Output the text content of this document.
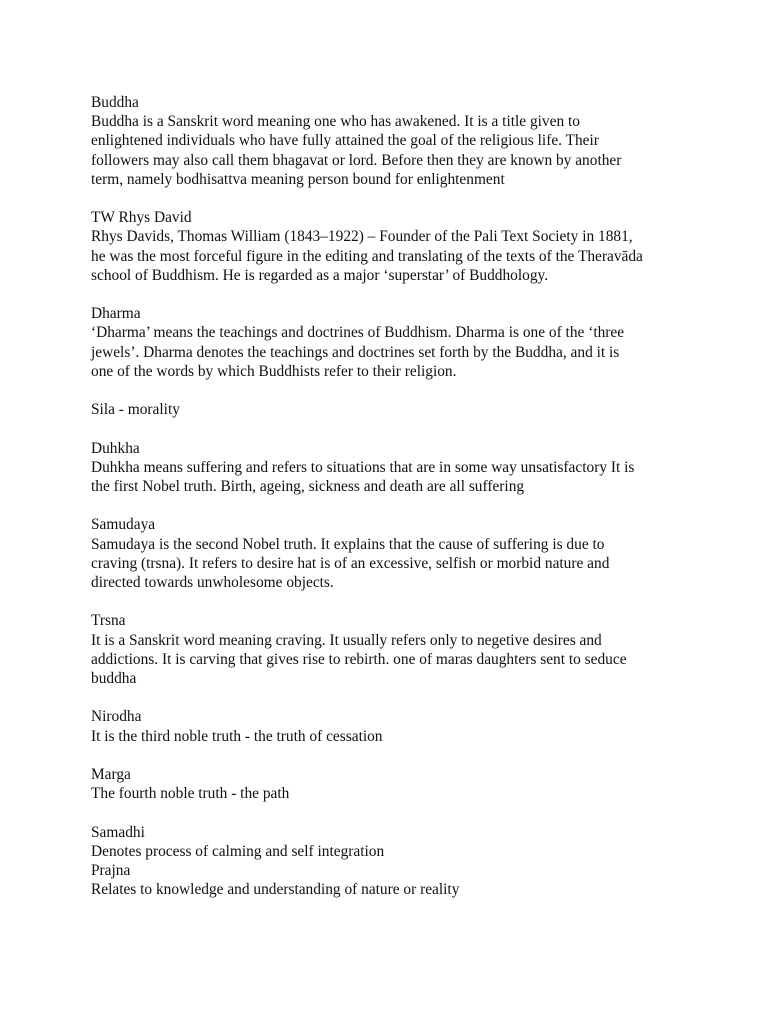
Buddha
Buddha is a Sanskrit word meaning one who has awakened. It is a title given to
enlightened individuals who have fully attained the goal of the religious life. Their
followers may also call them bhagavat or lord. Before then they are known by another
term, namely bodhisattva meaning person bound for enlightenment
TW Rhys David
Rhys Davids, Thomas William (1843–1922) – Founder of the Pali Text Society in 1881,
he was the most forceful figure in the editing and translating of the texts of the Theravāda
school of Buddhism. He is regarded as a major ‘superstar’ of Buddhology.
Dharma
‘Dharma’ means the teachings and doctrines of Buddhism. Dharma is one of the ‘three
jewels’. Dharma denotes the teachings and doctrines set forth by the Buddha, and it is
one of the words by which Buddhists refer to their religion.
Sila - morality
Duhkha
Duhkha means suffering and refers to situations that are in some way unsatisfactory It is
the first Nobel truth. Birth, ageing, sickness and death are all suffering
Samudaya
Samudaya is the second Nobel truth. It explains that the cause of suffering is due to
craving (trsna). It refers to desire hat is of an excessive, selfish or morbid nature and
directed towards unwholesome objects.
Trsna
It is a Sanskrit word meaning craving. It usually refers only to negetive desires and
addictions. It is carving that gives rise to rebirth. one of maras daughters sent to seduce
buddha
Nirodha
It is the third noble truth - the truth of cessation
Marga
The fourth noble truth - the path
Samadhi
Denotes process of calming and self integration
Prajna
Relates to knowledge and understanding of nature or reality
